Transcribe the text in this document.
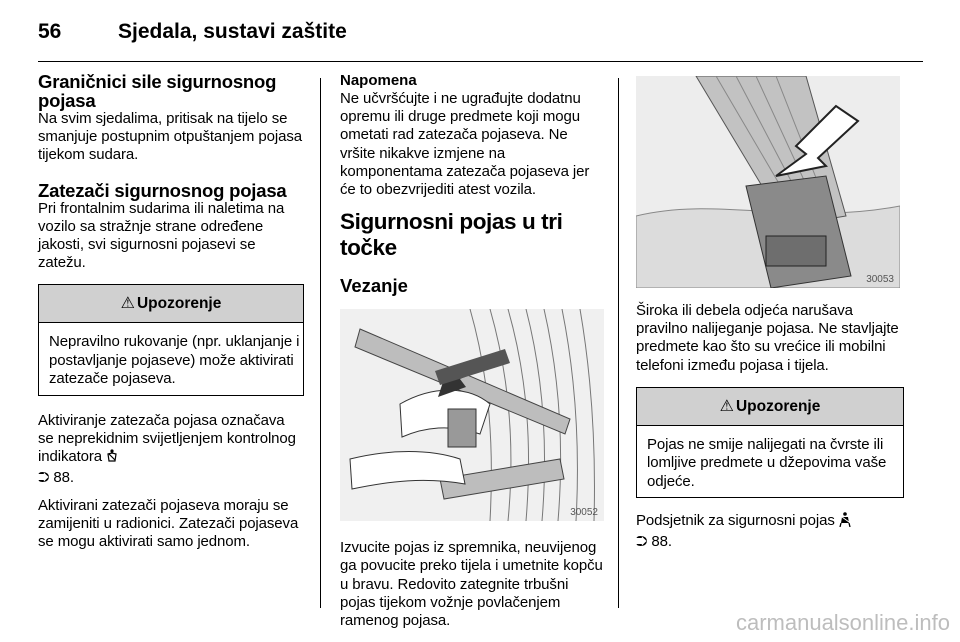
56	Sjedala, sustavi zaštite
Graničnici sile sigurnosnog pojasa

Na svim sjedalima, pritisak na tijelo se smanjuje postupnim otpuštanjem pojasa tijekom sudara.

Zatezači sigurnosnog pojasa

Pri frontalnim sudarima ili naletima na vozilo sa stražnje strane određene jakosti, svi sigurnosni pojasevi se zatežu.

⚠ Upozorenje

Nepravilno rukovanje (npr. uklanjanje i postavljanje pojaseve) može aktivirati zatezače pojaseva.

Aktiviranje zatezača pojasa označava se neprekidnim svijetljenjem kontrolnog indikatora
⮊ 88.

Aktivirani zatezači pojaseva moraju se zamijeniti u radionici. Zatezači pojaseva se mogu aktivirati samo jednom.

Napomena

Ne učvršćujte i ne ugrađujte dodatnu opremu ili druge predmete koji mogu ometati rad zatezača pojaseva. Ne vršite nikakve izmjene na komponentama zatezača pojaseva jer će to obezvrijediti atest vozila.

Sigurnosni pojas u tri točke
Vezanje
30052

Izvucite pojas iz spremnika, neuvijenog ga povucite preko tijela i umetnite kopču u bravu. Redovito zategnite trbušni pojas tijekom vožnje povlačenjem ramenog pojasa.

30053

Široka ili debela odjeća narušava pravilno nalijeganje pojasa. Ne stavljajte predmete kao što su vrećice ili mobilni telefoni između pojasa i tijela.

⚠ Upozorenje

Pojas ne smije nalijegati na čvrste ili lomljive predmete u džepovima vaše odjeće.

Podsjetnik za sigurnosni pojas
⮊ 88.

carmanualsonline.info
